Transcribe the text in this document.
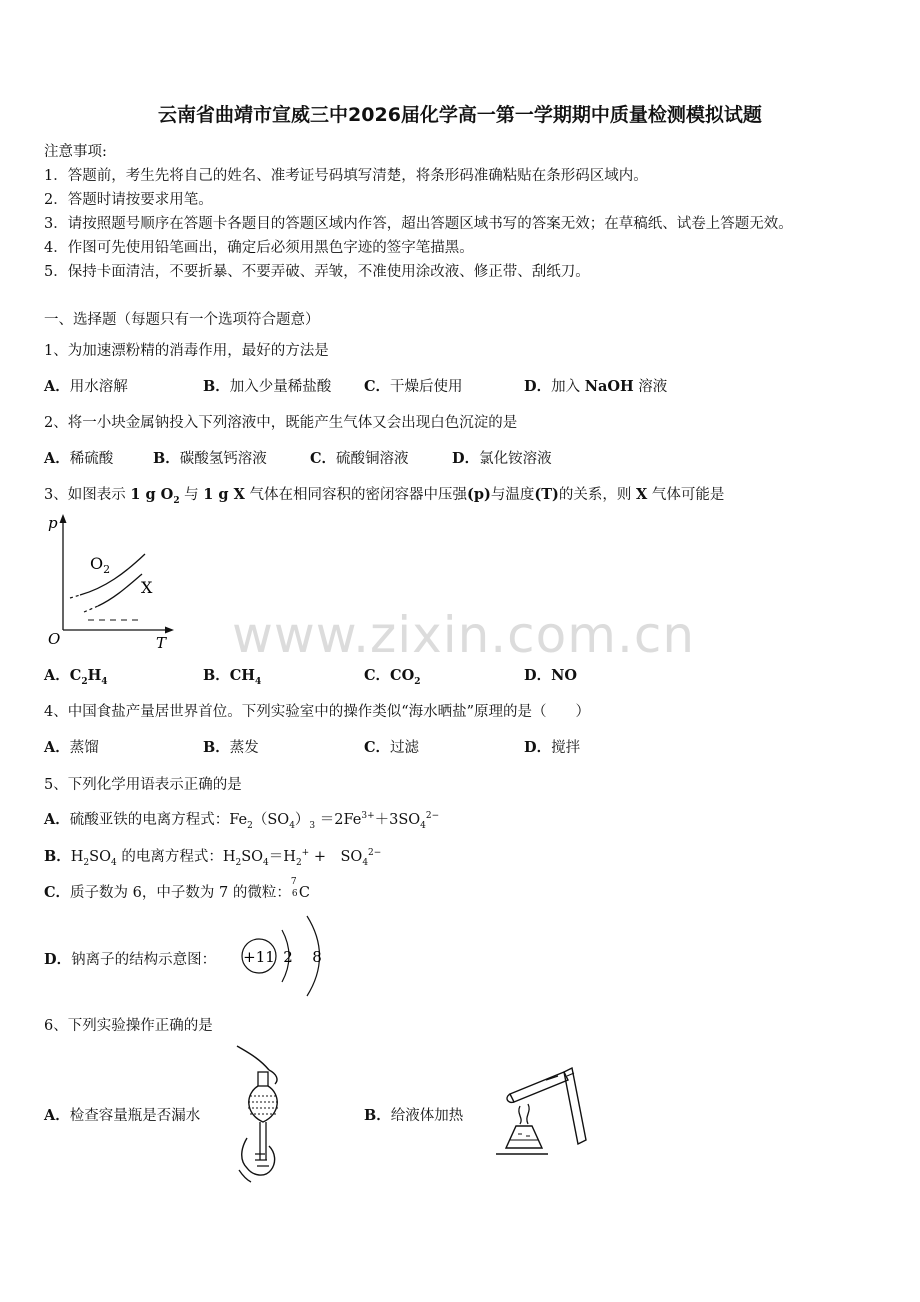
云南省曲靖市宣威三中2026届化学高一第一学期期中质量检测模拟试题
注意事项:
1．答题前，考生先将自己的姓名、准考证号码填写清楚，将条形码准确粘贴在条形码区域内。
2．答题时请按要求用笔。
3．请按照题号顺序在答题卡各题目的答题区域内作答，超出答题区域书写的答案无效；在草稿纸、试卷上答题无效。
4．作图可先使用铅笔画出，确定后必须用黑色字迹的签字笔描黑。
5．保持卡面清洁，不要折暴、不要弄破、弄皱，不准使用涂改液、修正带、刮纸刀。
一、选择题（每题只有一个选项符合题意）
1、为加速漂粉精的消毒作用，最好的方法是
A．用水溶解	B．加入少量稀盐酸 C．干燥后使用	D．加入 NaOH 溶液
2、将一小块金属钠投入下列溶液中，既能产生气体又会出现白色沉淀的是
A．稀硫酸	B．碳酸氢钙溶液	C．硫酸铜溶液	D．氯化铵溶液
3、如图表示 1 g $O_2$ 与 1 g X 气体在相同容积的密闭容器中压强(p)与温度(T)的关系，则 X 气体可能是
p
O	T
$O_2$
X
A．$C_2H_4$	B．$CH_4$	C．$CO_2$	D．NO
4、中国食盐产量居世界首位。下列实验室中的操作类似“海水晒盐”原理的是（　　）
A．蒸馏	B．蒸发	C．过滤	D．搅拌
5、下列化学用语表示正确的是
A．硫酸亚铁的电离方程式：$Fe_2(SO_4)_3 =2Fe^{3+}+3SO_4^{2-}$
B．$H_2SO_4$ 的电离方程式：$H_2SO_4=H_2^+$ +　$SO_4^{2-}$
C．质子数为 6，中子数为 7 的微粒：
7
6 C
D．钠离子的结构示意图： +11 2 8
www.zixin.com.cn
6、下列实验操作正确的是
A．检查容量瓶是否漏水	B．给液体加热
